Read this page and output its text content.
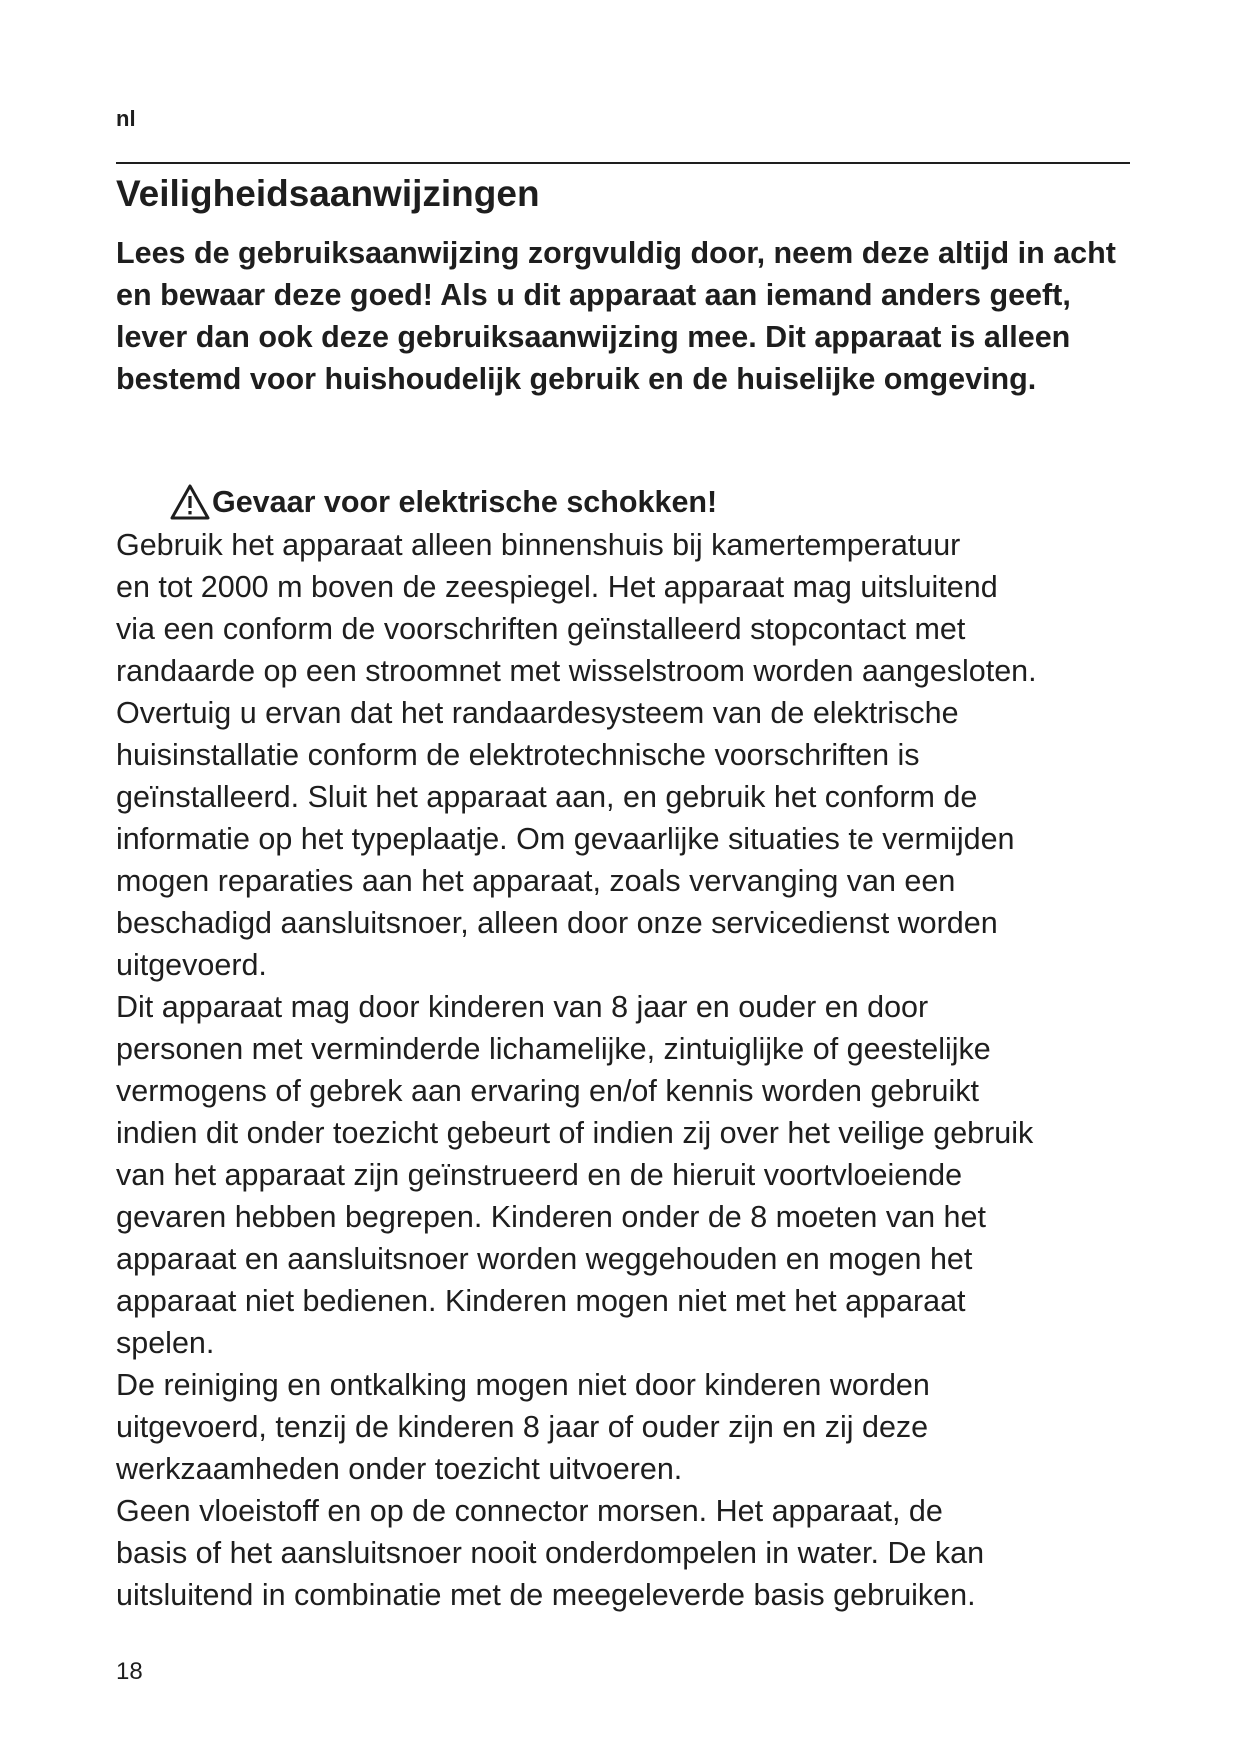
nl
Veiligheidsaanwijzingen

Lees de gebruiksaanwijzing zorgvuldig door, neem deze altijd in acht en bewaar deze goed! Als u dit apparaat aan iemand anders geeft, lever dan ook deze gebruiksaanwijzing mee. Dit apparaat is alleen bestemd voor huishoudelijk gebruik en de huiselijke omgeving.

Gevaar voor elektrische schokken!
Gebruik het apparaat alleen binnenshuis bij kamertemperatuur
en tot 2000 m boven de zeespiegel. Het apparaat mag uitsluitend
via een conform de voorschriften geïnstalleerd stopcontact met
randaarde op een stroomnet met wisselstroom worden aangesloten.
Overtuig u ervan dat het randaardesysteem van de elektrische
huisinstallatie conform de elektrotechnische voorschriften is
geïnstalleerd. Sluit het apparaat aan, en gebruik het conform de
informatie op het typeplaatje. Om gevaarlijke situaties te vermijden
mogen reparaties aan het apparaat, zoals vervanging van een
beschadigd aansluitsnoer, alleen door onze servicedienst worden
uitgevoerd.
Dit apparaat mag door kinderen van 8 jaar en ouder en door
personen met verminderde lichamelijke, zintuiglijke of geestelijke
vermogens of gebrek aan ervaring en/of kennis worden gebruikt
indien dit onder toezicht gebeurt of indien zij over het veilige gebruik
van het apparaat zijn geïnstrueerd en de hieruit voortvloeiende
gevaren hebben begrepen. Kinderen onder de 8 moeten van het
apparaat en aansluitsnoer worden weggehouden en mogen het
apparaat niet bedienen. Kinderen mogen niet met het apparaat
spelen.
De reiniging en ontkalking mogen niet door kinderen worden
uitgevoerd, tenzij de kinderen 8 jaar of ouder zijn en zij deze
werkzaamheden onder toezicht uitvoeren.
Geen vloeistoff en op de connector morsen. Het apparaat, de
basis of het aansluitsnoer nooit onderdompelen in water. De kan
uitsluitend in combinatie met de meegeleverde basis gebruiken.
18
